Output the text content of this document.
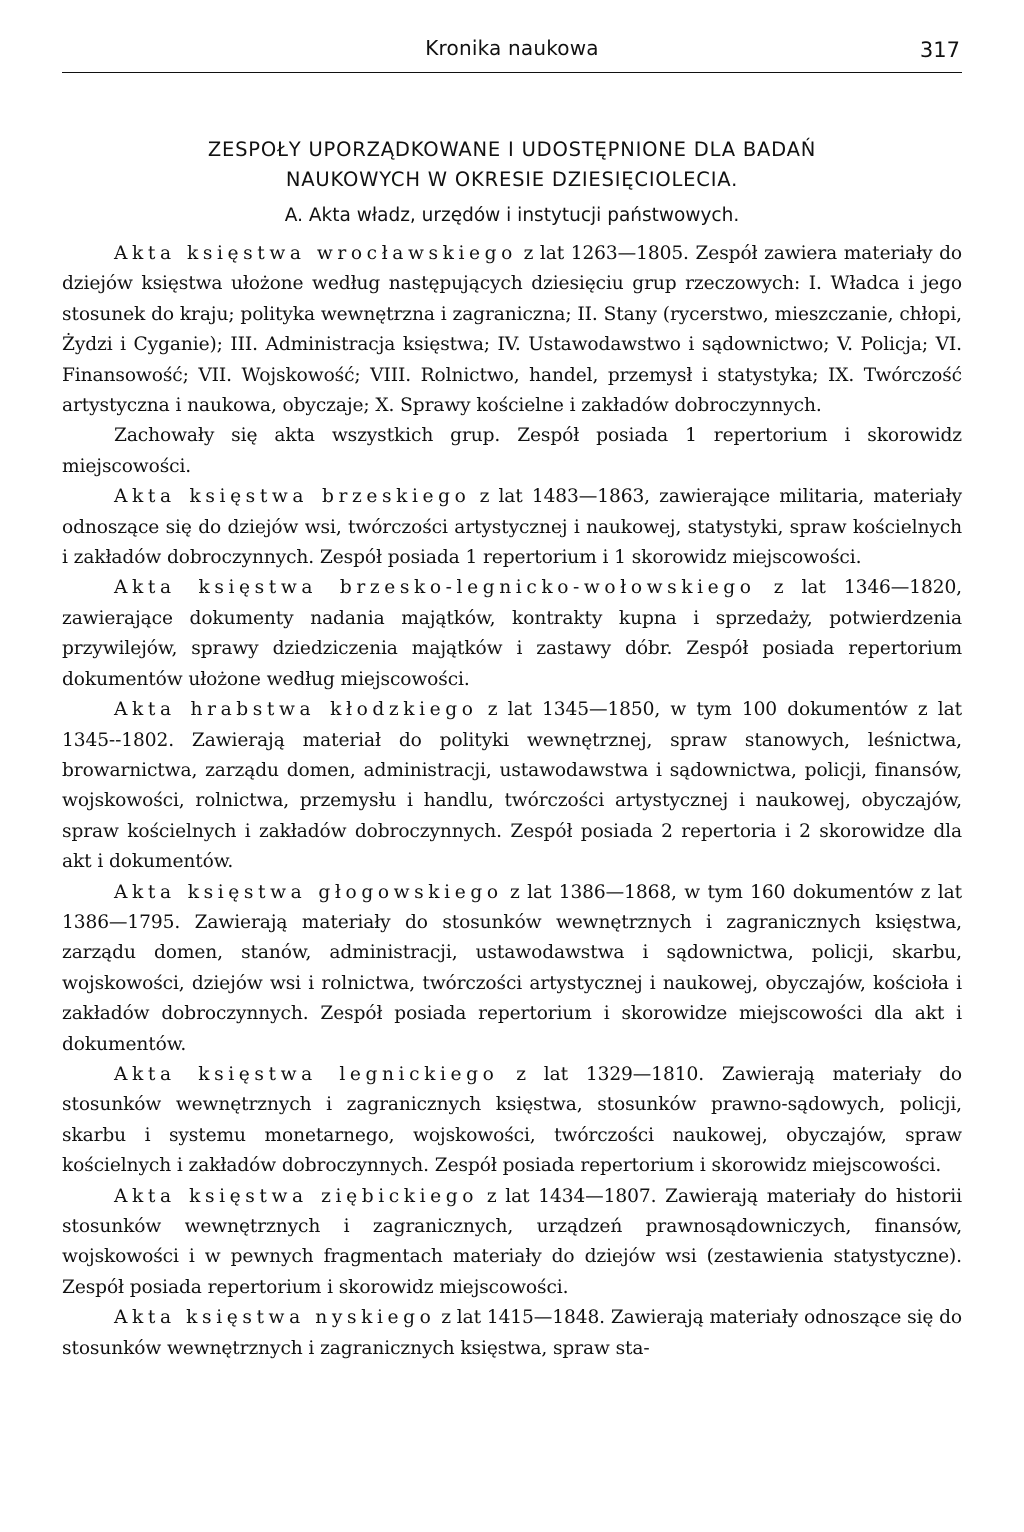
Kronika naukowa	317
ZESPOŁY UPORZĄDKOWANE I UDOSTĘPNIONE DLA BADAŃ
NAUKOWYCH W OKRESIE DZIESIĘCIOLECIA.
A. Akta władz, urzędów i instytucji państwowych.

Akta księstwa wrocławskiego z lat 1263—1805. Zespół zawiera materiały do dziejów księstwa ułożone według następujących dziesięciu grup rzeczowych: I. Władca i jego stosunek do kraju; polityka wewnętrzna i zagraniczna; II. Stany (rycerstwo, mieszczanie, chłopi, Żydzi i Cyganie); III. Administracja księstwa; IV. Ustawodawstwo i sądownictwo; V. Policja; VI. Finansowość; VII. Wojskowość; VIII. Rolnictwo, handel, przemysł i statystyka; IX. Twórczość artystyczna i naukowa, obyczaje; X. Sprawy kościelne i zakładów dobroczynnych.

Zachowały się akta wszystkich grup. Zespół posiada 1 repertorium i skorowidz miejscowości.

Akta księstwa brzeskiego z lat 1483—1863, zawierające militaria, materiały odnoszące się do dziejów wsi, twórczości artystycznej i naukowej, statystyki, spraw kościelnych i zakładów dobroczynnych. Zespół posiada 1 repertorium i 1 skorowidz miejscowości.

Akta księstwa brzesko-legnicko-wołowskiego z lat 1346—1820, zawierające dokumenty nadania majątków, kontrakty kupna i sprzedaży, potwierdzenia przywilejów, sprawy dziedziczenia majątków i zastawy dóbr. Zespół posiada repertorium dokumentów ułożone według miejscowości.

Akta hrabstwa kłodzkiego z lat 1345—1850, w tym 100 dokumentów z lat 1345--1802. Zawierają materiał do polityki wewnętrznej, spraw stanowych, leśnictwa, browarnictwa, zarządu domen, administracji, ustawodawstwa i sądownictwa, policji, finansów, wojskowości, rolnictwa, przemysłu i handlu, twórczości artystycznej i naukowej, obyczajów, spraw kościelnych i zakładów dobroczynnych. Zespół posiada 2 repertoria i 2 skorowidze dla akt i dokumentów.

Akta księstwa głogowskiego z lat 1386—1868, w tym 160 dokumentów z lat 1386—1795. Zawierają materiały do stosunków wewnętrznych i zagranicznych księstwa, zarządu domen, stanów, administracji, ustawodawstwa i sądownictwa, policji, skarbu, wojskowości, dziejów wsi i rolnictwa, twórczości artystycznej i naukowej, obyczajów, kościoła i zakładów dobroczynnych. Zespół posiada repertorium i skorowidze miejscowości dla akt i dokumentów.

Akta księstwa legnickiego z lat 1329—1810. Zawierają materiały do stosunków wewnętrznych i zagranicznych księstwa, stosunków prawno-sądowych, policji, skarbu i systemu monetarnego, wojskowości, twórczości naukowej, obyczajów, spraw kościelnych i zakładów dobroczynnych. Zespół posiada repertorium i skorowidz miejscowości.

Akta księstwa ziębickiego z lat 1434—1807. Zawierają materiały do historii stosunków wewnętrznych i zagranicznych, urządzeń prawnosądowniczych, finansów, wojskowości i w pewnych fragmentach materiały do dziejów wsi (zestawienia statystyczne). Zespół posiada repertorium i skorowidz miejscowości.

Akta księstwa nyskiego z lat 1415—1848. Zawierają materiały odnoszące się do stosunków wewnętrznych i zagranicznych księstwa, spraw sta-
